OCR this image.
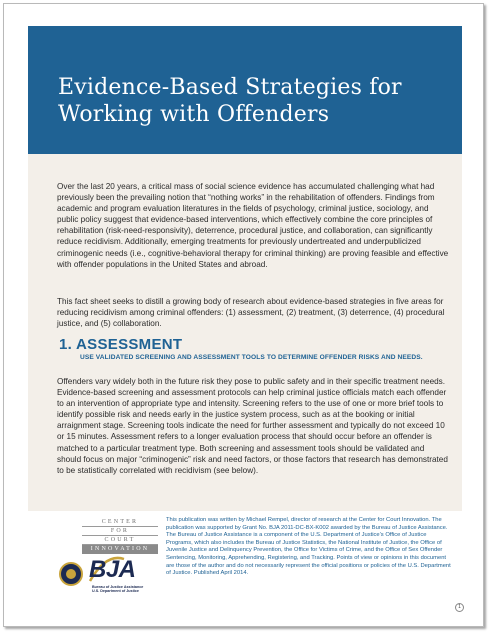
Evidence-Based Strategies for
Working with Offenders

Over the last 20 years, a critical mass of social science evidence has accumulated challenging what had previously been the prevailing notion that “nothing works” in the rehabilitation of offenders. Findings from academic and program evaluation literatures in the fields of psychology, criminal justice, sociology, and public policy suggest that evidence-based interventions, which effectively combine the core principles of rehabilitation (risk-need-responsivity), deterrence, procedural justice, and collaboration, can significantly reduce recidivism. Additionally, emerging treatments for previously undertreated and underpublicized criminogenic needs (i.e., cognitive-behavioral therapy for criminal thinking) are proving feasible and effective with offender populations in the United States and abroad.

This fact sheet seeks to distill a growing body of research about evidence-based strategies in five areas for reducing recidivism among criminal offenders: (1) assessment, (2) treatment, (3) deterrence, (4) procedural justice, and (5) collaboration.

1. ASSESSMENT
USE VALIDATED SCREENING AND ASSESSMENT TOOLS TO DETERMINE OFFENDER RISKS AND NEEDS.

Offenders vary widely both in the future risk they pose to public safety and in their specific treatment needs. Evidence-based screening and assessment protocols can help criminal justice officials match each offender to an intervention of appropriate type and intensity. Screening refers to the use of one or more brief tools to identify possible risk and needs early in the justice system process, such as at the booking or initial arraignment stage. Screening tools indicate the need for further assessment and typically do not exceed 10 or 15 minutes. Assessment refers to a longer evaluation process that should occur before an offender is matched to a particular treatment type. Both screening and assessment tools should be validated and should focus on major “criminogenic” risk and need factors, or those factors that research has demonstrated to be statistically correlated with recidivism (see below).

CENTER
FOR
COURT
INNOVATION
BJA
Bureau of Justice Assistance
U.S. Department of Justice

This publication was written by Michael Rempel, director of research at the Center for Court Innovation. The publication was supported by Grant No. BJA 2011-DC-BX-K002 awarded by the Bureau of Justice Assistance. The Bureau of Justice Assistance is a component of the U.S. Department of Justice’s Office of Justice Programs, which also includes the Bureau of Justice Statistics, the National Institute of Justice, the Office of Juvenile Justice and Delinquency Prevention, the Office for Victims of Crime, and the Office of Sex Offender Sentencing, Monitoring, Apprehending, Registering, and Tracking. Points of view or opinions in this document are those of the author and do not necessarily represent the official positions or policies of the U.S. Department of Justice. Published April 2014.

1
